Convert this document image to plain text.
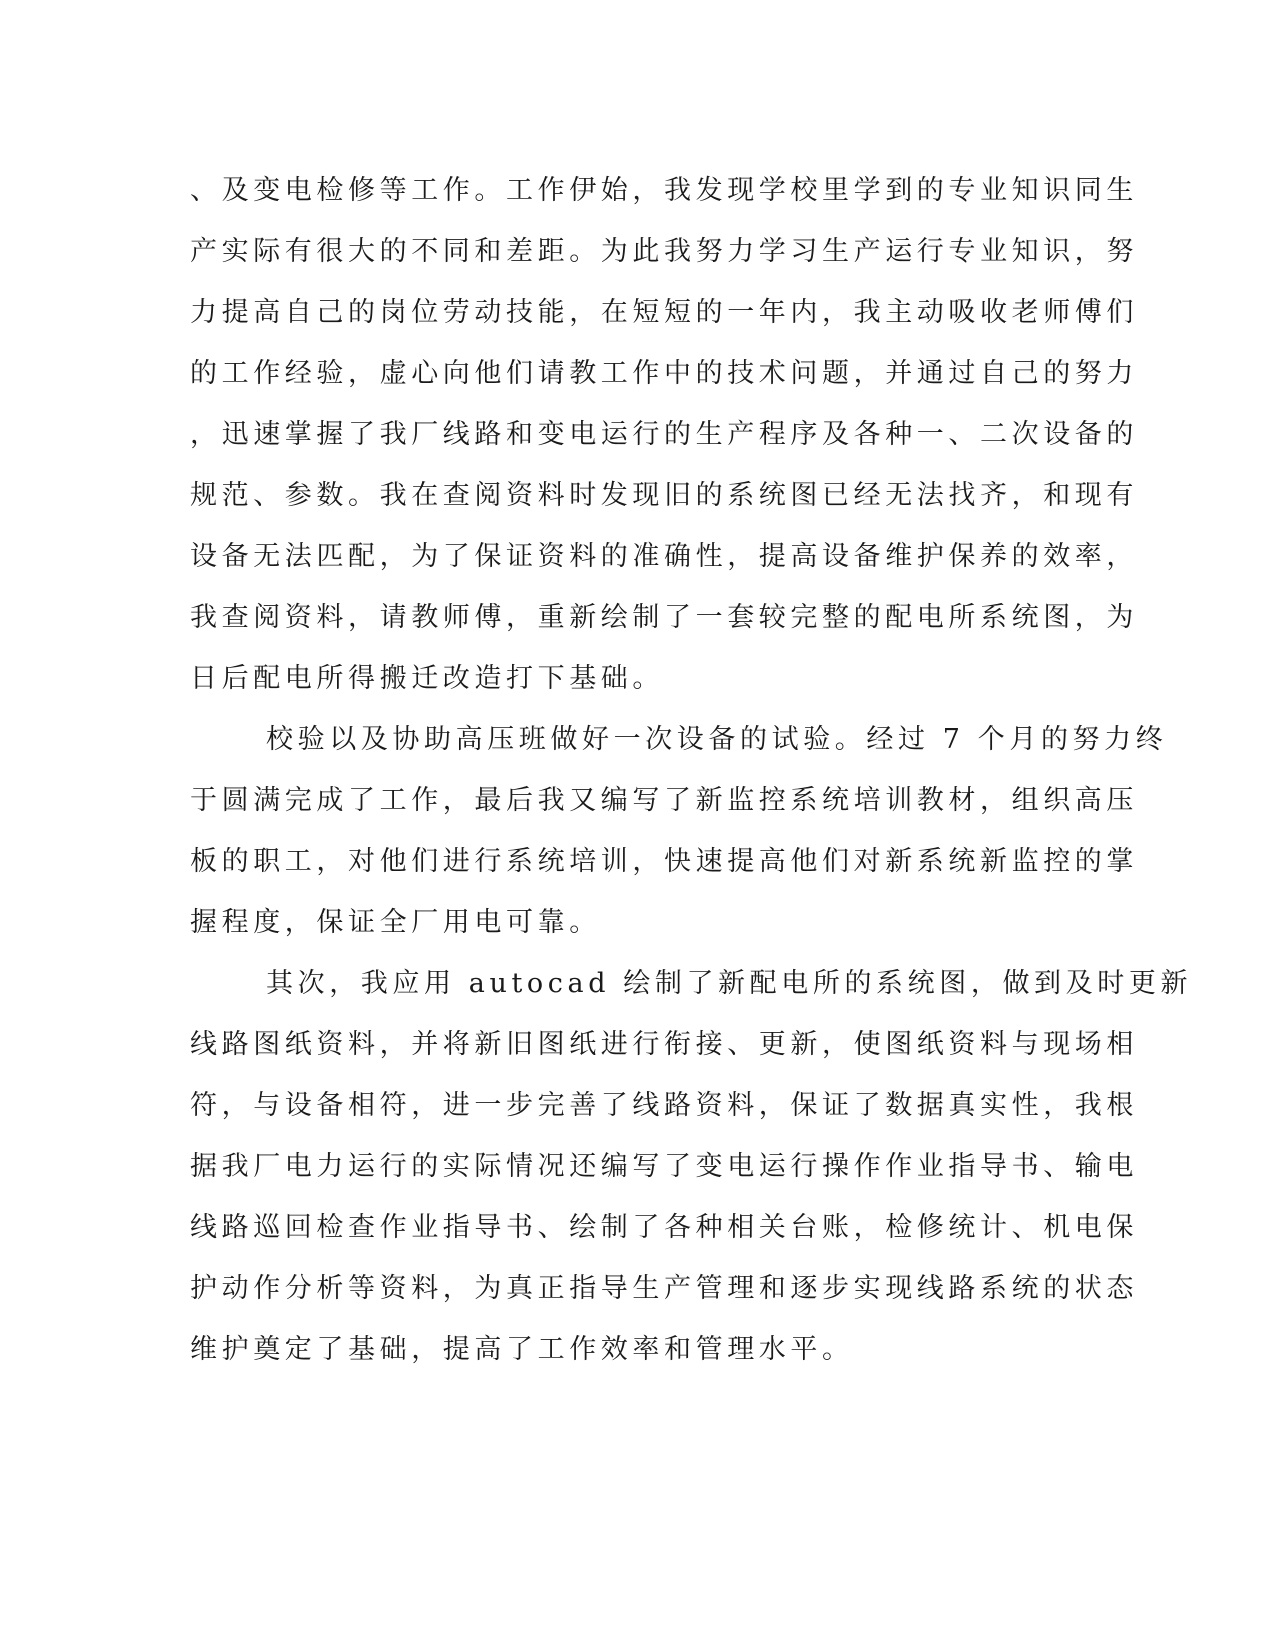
、及变电检修等工作。工作伊始，我发现学校里学到的专业知识同生
产实际有很大的不同和差距。为此我努力学习生产运行专业知识，努
力提高自己的岗位劳动技能，在短短的一年内，我主动吸收老师傅们
的工作经验，虚心向他们请教工作中的技术问题，并通过自己的努力
，迅速掌握了我厂线路和变电运行的生产程序及各种一、二次设备的
规范、参数。我在查阅资料时发现旧的系统图已经无法找齐，和现有
设备无法匹配，为了保证资料的准确性，提高设备维护保养的效率，
我查阅资料，请教师傅，重新绘制了一套较完整的配电所系统图，为
日后配电所得搬迁改造打下基础。
校验以及协助高压班做好一次设备的试验。经过 7 个月的努力终
于圆满完成了工作，最后我又编写了新监控系统培训教材，组织高压
板的职工，对他们进行系统培训，快速提高他们对新系统新监控的掌
握程度，保证全厂用电可靠。
其次，我应用 autocad 绘制了新配电所的系统图，做到及时更新
线路图纸资料，并将新旧图纸进行衔接、更新，使图纸资料与现场相
符，与设备相符，进一步完善了线路资料，保证了数据真实性，我根
据我厂电力运行的实际情况还编写了变电运行操作作业指导书、输电
线路巡回检查作业指导书、绘制了各种相关台账，检修统计、机电保
护动作分析等资料，为真正指导生产管理和逐步实现线路系统的状态
维护奠定了基础，提高了工作效率和管理水平。
